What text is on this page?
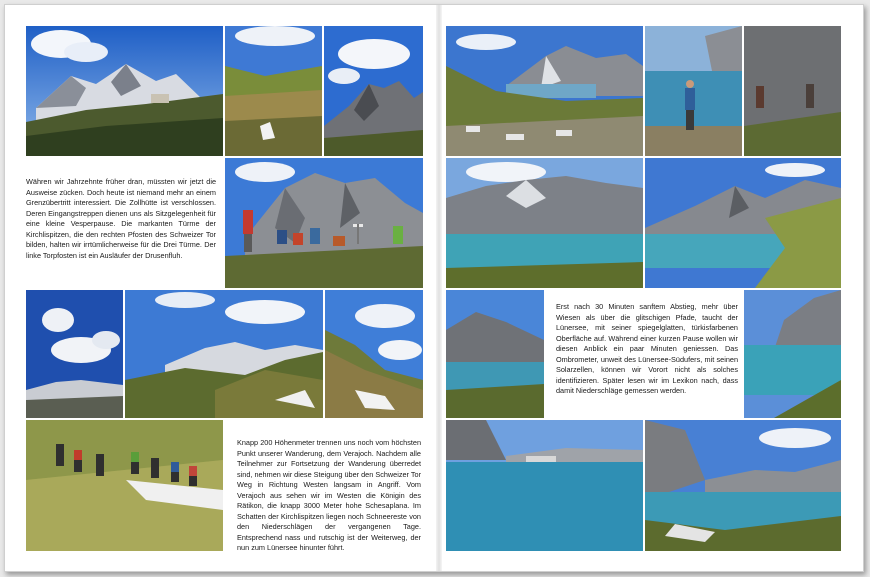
Währen wir Jahrzehnte früher dran, müssten wir jetzt die Ausweise zücken. Doch heute ist niemand mehr an einem Grenzübertritt interessiert. Die Zollhütte ist verschlossen. Deren Eingangstreppen dienen uns als Sitzgelegenheit für eine kleine Vesperpause. Die markanten Türme der Kirchlispitzen, die den rechten Pfosten des Schweizer Tor bilden, halten wir irrtümlicherweise für die Drei Türme. Der linke Torpfosten ist ein Ausläufer der Drusenfluh.

Knapp 200 Höhenmeter trennen uns noch vom höchsten Punkt unserer Wanderung, dem Verajoch. Nachdem alle Teilnehmer zur Fortsetzung der Wanderung überredet sind, nehmen wir diese Steigung über den Schweizer Tor Weg in Richtung Westen langsam in Angriff. Vom Verajoch aus sehen wir im Westen die Königin des Rätikon, die knapp 3000 Meter hohe Schesaplana. Im Schatten der Kirchlispitzen liegen noch Schneereste von den Niederschlägen der vergangenen Tage. Entsprechend nass und rutschig ist der Weiterweg, der nun zum Lünersee hinunter führt.

Erst nach 30 Minuten sanftem Abstieg, mehr über Wiesen als über die glitschigen Pfade, taucht der Lünersee, mit seiner spiegelglatten, türkisfarbenen Oberfläche auf. Während einer kurzen Pause wollen wir diesen Anblick ein paar Minuten geniessen. Das Ombrometer, unweit des Lünersee-Südufers, mit seinen Solarzellen, können wir Vorort nicht als solches identifizieren. Später lesen wir im Lexikon nach, dass damit Niederschläge gemessen werden.
